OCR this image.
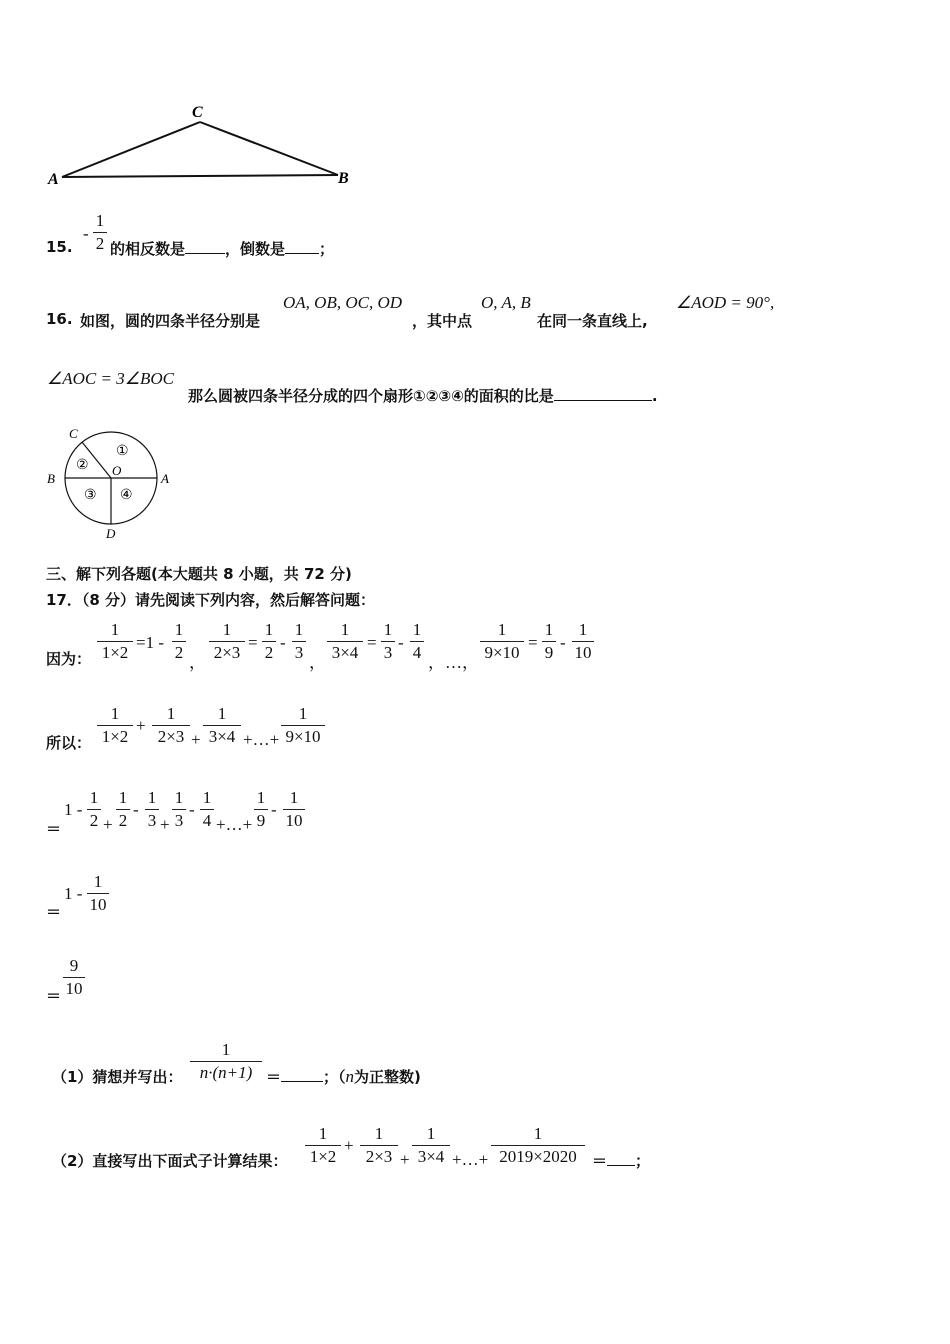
C
A	B
15.
- $\frac{1}{2}$ 的相反数是	，倒数是 ；
16. 如图，圆的四条半径分别是
OA, OB, OC, OD
，其中点
O, A, B
在同一条直线上,
∠AOD = 90°,
∠AOC = 3∠BOC
那么圆被四条半径分成的四个扇形①②③④的面积的比是	.
C
B	A
D
O
①
②
③ ④
三、解下列各题(本大题共 8 小题，共 72 分)
17．（8 分）请先阅读下列内容，然后解答问题：
因为： $\frac{1}{1\times 2} =1 - \frac{1}{2}$ ， $\frac{1}{2\times 3} = \frac{1}{2} - \frac{1}{3}$ ， $\frac{1}{3\times 4} = \frac{1}{3} - \frac{1}{4}$ ，…， $\frac{1}{9\times 10} = \frac{1}{9} - \frac{1}{10}$
所以： $\frac{1}{1\times 2} + \frac{1}{2\times 3} + \frac{1}{3\times 4}$ +…+ $\frac{1}{9\times 10}$
＝
$1 - \frac{1}{2} + \frac{1}{2} - \frac{1}{3} + \frac{1}{3} - \frac{1}{4}$ +…+ $\frac{1}{9} - \frac{1}{10}$
＝
$1 - \frac{1}{10}$
＝ $\frac{9}{10}$
（1）猜想并写出： $\frac{1}{n\cdot(n+1)}$ ＝	；（n为正整数)
（2）直接写出下面式子计算结果： $\frac{1}{1\times 2} + \frac{1}{2\times 3} + \frac{1}{3\times 4}$ +…+ $\frac{1}{2019\times 2020}$ ＝ ；
